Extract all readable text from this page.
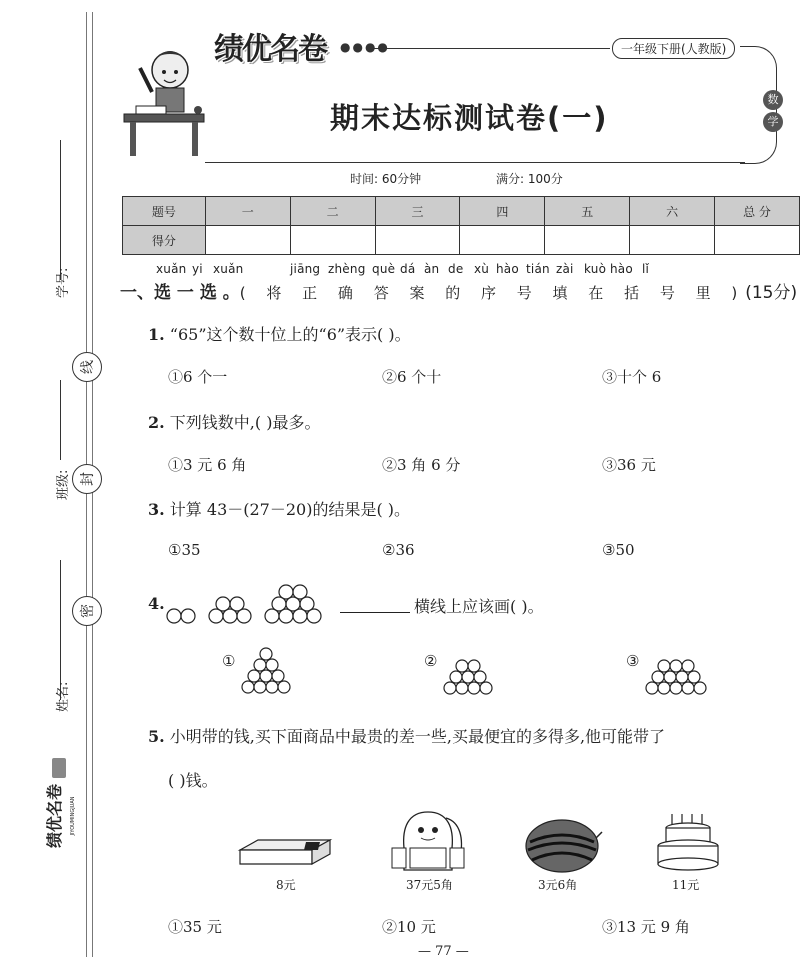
学号:
线
班级: 封
密
姓名:
绩优名卷 JIYOUMINGJUAN
绩优名卷 ●●●●	一年级下册(人教版)
数
学
期末达标测试卷(一)
时间: 60分钟	满分: 100分
题号	一	二	三	四	五	六	总 分
得分							
xuǎn yi xuǎn	jiāng zhèng què dá àn de xù hào tián zài kuò hào lǐ
一、选 一 选 。( 将 正 确 答 案 的 序 号 填 在 括 号 里 )(15分)
1. “65”这个数十位上的“6”表示( )。
①6 个一	②6 个十	③十个 6
2. 下列钱数中,( )最多。
①3 元 6 角	②3 角 6 分	③36 元
3. 计算 43－(27－20)的结果是( )。
①35	②36	③50
4.	横线上应该画( )。
①	②	③
5. 小明带的钱,买下面商品中最贵的差一些,买最便宜的多得多,他可能带了
( )钱。
8元	37元5角	3元6角	11元
①35 元	②10 元	③13 元 9 角
— 77 —
